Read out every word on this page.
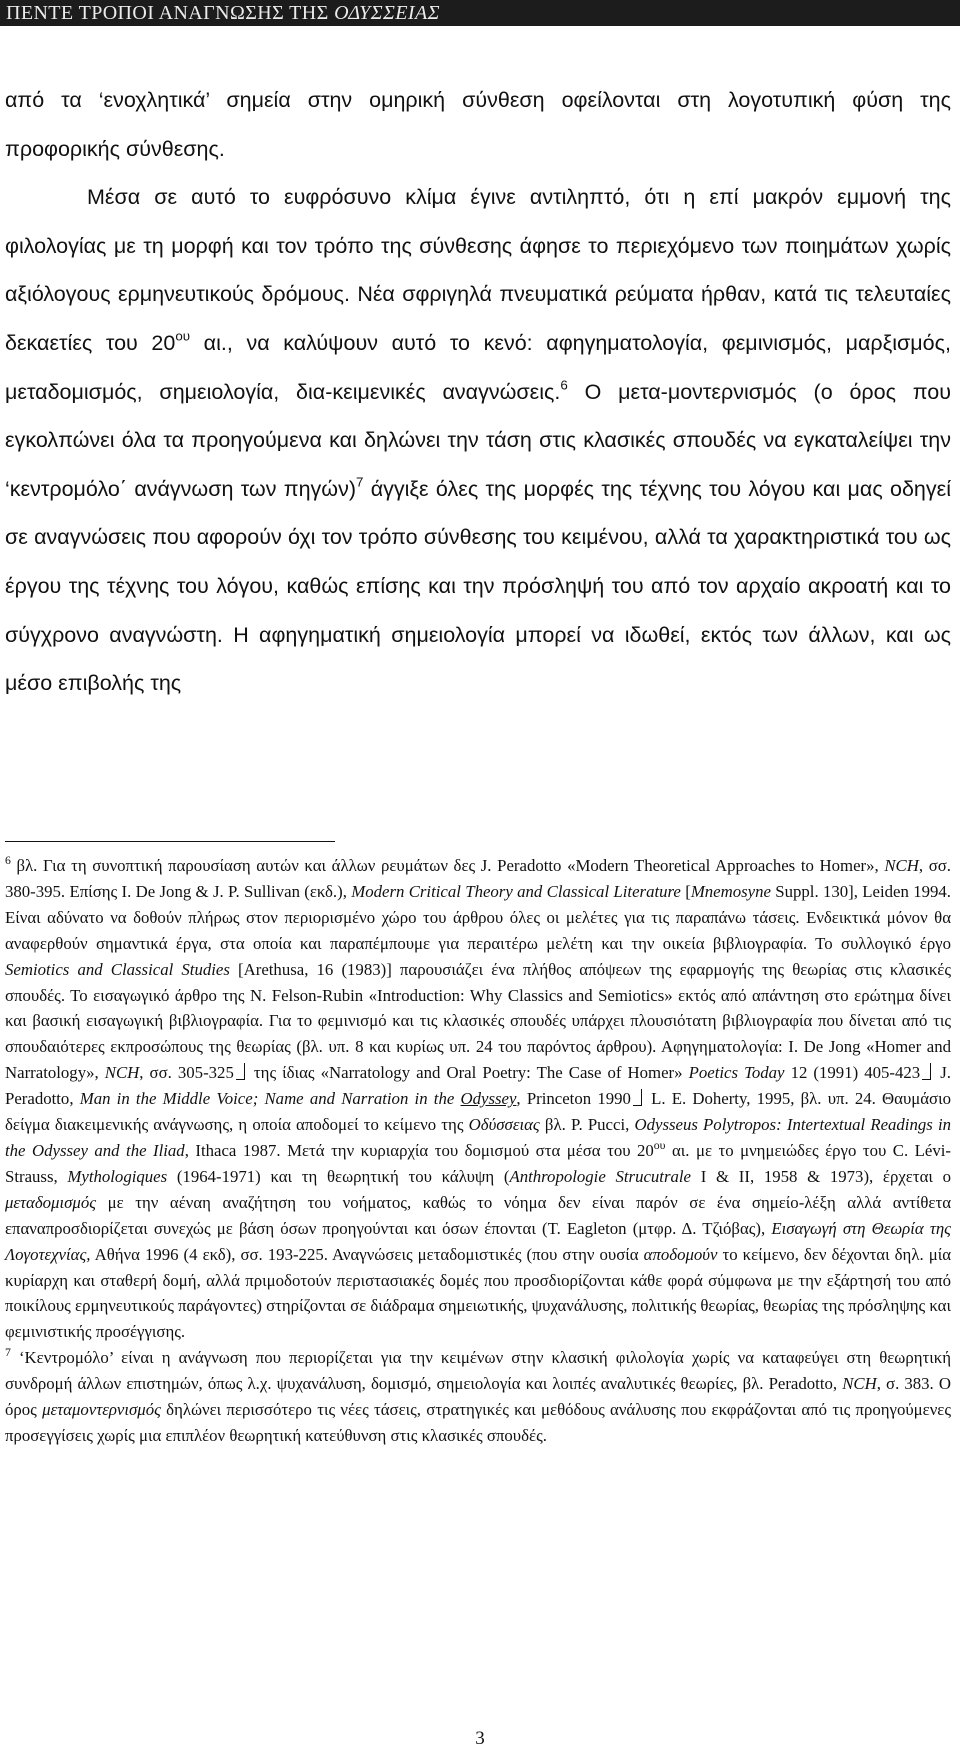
ΠΕΝΤΕ ΤΡΟΠΟΙ ΑΝΑΓΝΩΣΗΣ ΤΗΣ ΟΔΥΣΣΕΙΑΣ

από τα ‘ενοχλητικά’ σημεία στην ομηρική σύνθεση οφείλονται στη λογοτυπική φύση της προφορικής σύνθεσης.

Μέσα σε αυτό το ευφρόσυνο κλίμα έγινε αντιληπτό, ότι η επί μακρόν εμμονή της φιλολογίας με τη μορφή και τον τρόπο της σύνθεσης άφησε το περιεχόμενο των ποιημάτων χωρίς αξιόλογους ερμηνευτικούς δρόμους. Νέα σφριγηλά πνευματικά ρεύματα ήρθαν, κατά τις τελευταίες δεκαετίες του $20^{o\upsilon}$ αι., να καλύψουν αυτό το κενό: αφηγηματολογία, φεμινισμός, μαρξισμός, μεταδομισμός, σημειολογία, δια-κειμενικές αναγνώσεις.$^6$ Ο μετα-μοντερνισμός (ο όρος που εγκολπώνει όλα τα προηγούμενα και δηλώνει την τάση στις κλασικές σπουδές να εγκαταλείψει την ‘κεντρομόλο΄ ανάγνωση των πηγών)$^7$ άγγιξε όλες της μορφές της τέχνης του λόγου και μας οδηγεί σε αναγνώσεις που αφορούν όχι τον τρόπο σύνθεσης του κειμένου, αλλά τα χαρακτηριστικά του ως έργου της τέχνης του λόγου, καθώς επίσης και την πρόσληψή του από τον αρχαίο ακροατή και το σύγχρονο αναγνώστη. Η αφηγηματική σημειολογία μπορεί να ιδωθεί, εκτός των άλλων, και ως μέσο επιβολής της

$^6$ βλ. Για τη συνοπτική παρουσίαση αυτών και άλλων ρευμάτων δες J. Peradotto «Modern Theoretical Approaches to Homer», NCH, σσ. 380-395. Επίσης I. De Jong & J. P. Sullivan (εκδ.), Modern Critical Theory and Classical Literature [Mnemosyne Suppl. 130], Leiden 1994. Είναι αδύνατο να δοθούν πλήρως στον περιορισμένο χώρο του άρθρου όλες οι μελέτες για τις παραπάνω τάσεις. Ενδεικτικά μόνον θα αναφερθούν σημαντικά έργα, στα οποία και παραπέμπουμε για περαιτέρω μελέτη και την οικεία βιβλιογραφία. Το συλλογικό έργο Semiotics and Classical Studies [Arethusa, 16 (1983)] παρουσιάζει ένα πλήθος απόψεων της εφαρμογής της θεωρίας στις κλασικές σπουδές. Το εισαγωγικό άρθρο της N. Felson-Rubin «Introduction: Why Classics and Semiotics» εκτός από απάντηση στο ερώτημα δίνει και βασική εισαγωγική βιβλιογραφία. Για το φεμινισμό και τις κλασικές σπουδές υπάρχει πλουσιότατη βιβλιογραφία που δίνεται από τις σπουδαιότερες εκπροσώπους της θεωρίας (βλ. υπ. 8 και κυρίως υπ. 24 του παρόντος άρθρου). Αφηγηματολογία: I. De Jong «Homer and Narratology», NCH, σσ. 305-325 της ίδιας «Narratology and Oral Poetry: The Case of Homer» Poetics Today 12 (1991) 405-423 J. Peradotto, Man in the Middle Voice; Name and Narration in the Odyssey, Princeton 1990 L. E. Doherty, 1995, βλ. υπ. 24. Θαυμάσιο δείγμα διακειμενικής ανάγνωσης, η οποία αποδομεί το κείμενο της Οδύσσειας βλ. P. Pucci, Odysseus Polytropos: Intertextual Readings in the Odyssey and the Iliad, Ithaca 1987. Μετά την κυριαρχία του δομισμού στα μέσα του $20^{o\upsilon}$ αι. με το μνημειώδες έργο του C. Lévi-Strauss, Mythologiques (1964-1971) και τη θεωρητική του κάλυψη (Anthropologie Strucutrale I & II, 1958 & 1973), έρχεται ο μεταδομισμός με την αέναη αναζήτηση του νοήματος, καθώς το νόημα δεν είναι παρόν σε ένα σημείο-λέξη αλλά αντίθετα επαναπροσδιορίζεται συνεχώς με βάση όσων προηγούνται και όσων έπονται (T. Eagleton (μτφρ. Δ. Τζιόβας), Εισαγωγή στη Θεωρία της Λογοτεχνίας, Αθήνα 1996 (4 εκδ), σσ. 193-225. Αναγνώσεις μεταδομιστικές (που στην ουσία αποδομούν το κείμενο, δεν δέχονται δηλ. μία κυρίαρχη και σταθερή δομή, αλλά πριμοδοτούν περιστασιακές δομές που προσδιορίζονται κάθε φορά σύμφωνα με την εξάρτησή του από ποικίλους ερμηνευτικούς παράγοντες) στηρίζονται σε διάδραμα σημειωτικής, ψυχανάλυσης, πολιτικής θεωρίας, θεωρίας της πρόσληψης και φεμινιστικής προσέγγισης.

$^7$ ‘Κεντρομόλο’ είναι η ανάγνωση που περιορίζεται για την κειμένων στην κλασική φιλολογία χωρίς να καταφεύγει στη θεωρητική συνδρομή άλλων επιστημών, όπως λ.χ. ψυχανάλυση, δομισμό, σημειολογία και λοιπές αναλυτικές θεωρίες, βλ. Peradotto, NCH, σ. 383. Ο όρος μεταμοντερνισμός δηλώνει περισσότερο τις νέες τάσεις, στρατηγικές και μεθόδους ανάλυσης που εκφράζονται από τις προηγούμενες προσεγγίσεις χωρίς μια επιπλέον θεωρητική κατεύθυνση στις κλασικές σπουδές.

3
